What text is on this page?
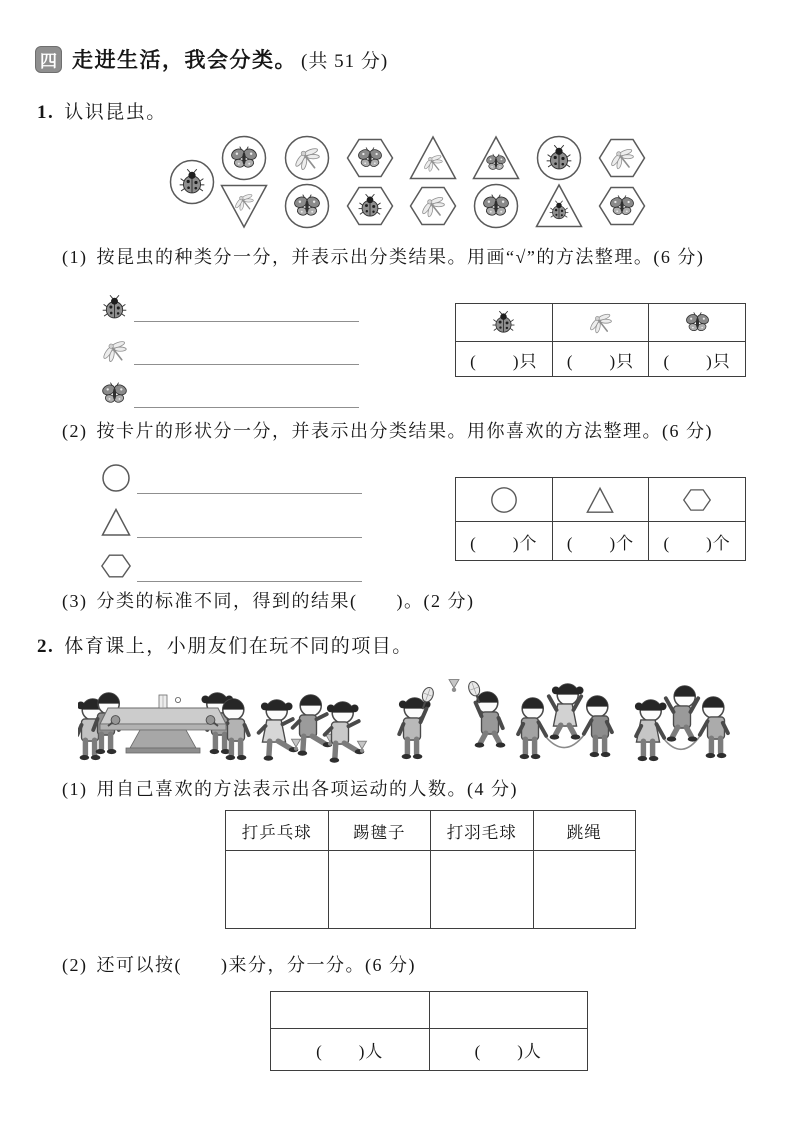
四 走进生活，我会分类。 (共 51 分)
1. 认识昆虫。

(1) 按昆虫的种类分一分，并表示出分类结果。用画“√”的方法整理。(6 分)

(　　)只	(　　)只	(　　)只

(2) 按卡片的形状分一分，并表示出分类结果。用你喜欢的方法整理。(6 分)

(　　)个	(　　)个	(　　)个

(3) 分类的标准不同，得到的结果(　　)。(2 分)

2. 体育课上，小朋友们在玩不同的项目。

(1) 用自己喜欢的方法表示出各项运动的人数。(4 分)

打乒乓球	踢毽子	打羽毛球	跳绳

(2) 还可以按(　　)来分，分一分。(6 分)

(　　)人	(　　)人
